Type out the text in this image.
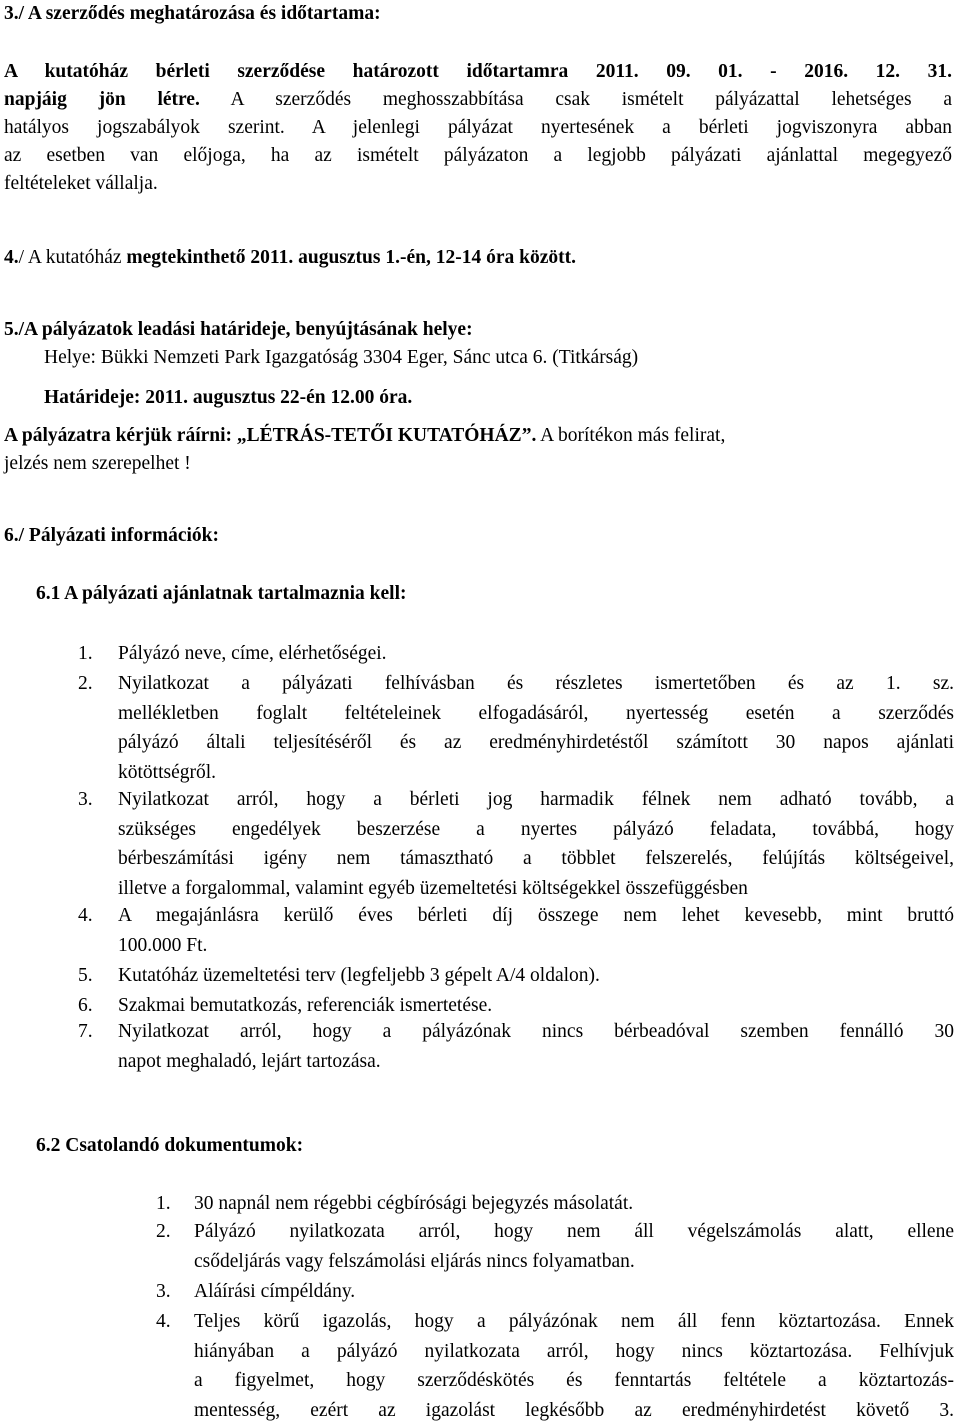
3./ A szerződés meghatározása és időtartama:
A kutatóház bérleti szerződése határozott időtartamra 2011. 09. 01. - 2016. 12. 31.
napjáig jön létre. A szerződés meghosszabbítása csak ismételt pályázattal lehetséges a
hatályos jogszabályok szerint. A jelenlegi pályázat nyertesének a bérleti jogviszonyra abban
az esetben van előjoga, ha az ismételt pályázaton a legjobb pályázati ajánlattal megegyező
feltételeket vállalja.
4./ A kutatóház megtekinthető 2011. augusztus 1.-én, 12-14 óra között.
5./A pályázatok leadási határideje, benyújtásának helye:
Helye: Bükki Nemzeti Park Igazgatóság 3304 Eger, Sánc utca 6. (Titkárság)
Határideje: 2011. augusztus 22-én 12.00 óra.
A pályázatra kérjük ráírni: „LÉTRÁS-TETŐI KUTATÓHÁZ”. A borítékon más felirat,
jelzés nem szerepelhet !
6./ Pályázati információk:
6.1 A pályázati ajánlatnak tartalmaznia kell:
1.	Pályázó neve, címe, elérhetőségei.
2.	Nyilatkozat a pályázati felhívásban és részletes ismertetőben és az 1. sz.
mellékletben foglalt feltételeinek elfogadásáról, nyertesség esetén a szerződés
pályázó általi teljesítéséről és az eredményhirdetéstől számított 30 napos ajánlati
kötöttségről.
3.	Nyilatkozat arról, hogy a bérleti jog harmadik félnek nem adható tovább, a
szükséges engedélyek beszerzése a nyertes pályázó feladata, továbbá, hogy
bérbeszámítási igény nem támasztható a többlet felszerelés, felújítás költségeivel,
illetve a forgalommal, valamint egyéb üzemeltetési költségekkel összefüggésben
4.	A megajánlásra kerülő éves bérleti díj összege nem lehet kevesebb, mint bruttó
100.000 Ft.
5.	Kutatóház üzemeltetési terv (legfeljebb 3 gépelt A/4 oldalon).
6.	Szakmai bemutatkozás, referenciák ismertetése.
7.	Nyilatkozat arról, hogy a pályázónak nincs bérbeadóval szemben fennálló 30
napot meghaladó, lejárt tartozása.
6.2 Csatolandó dokumentumok:
1.	30 napnál nem régebbi cégbírósági bejegyzés másolatát.
2.	Pályázó nyilatkozata arról, hogy nem áll végelszámolás alatt, ellene
csődeljárás vagy felszámolási eljárás nincs folyamatban.
3.	Aláírási címpéldány.
4.	Teljes körű igazolás, hogy a pályázónak nem áll fenn köztartozása. Ennek
hiányában a pályázó nyilatkozata arról, hogy nincs köztartozása. Felhívjuk
a figyelmet, hogy szerződéskötés és fenntartás feltétele a köztartozás-
mentesség, ezért az igazolást legkésőbb az eredményhirdetést követő 3.
